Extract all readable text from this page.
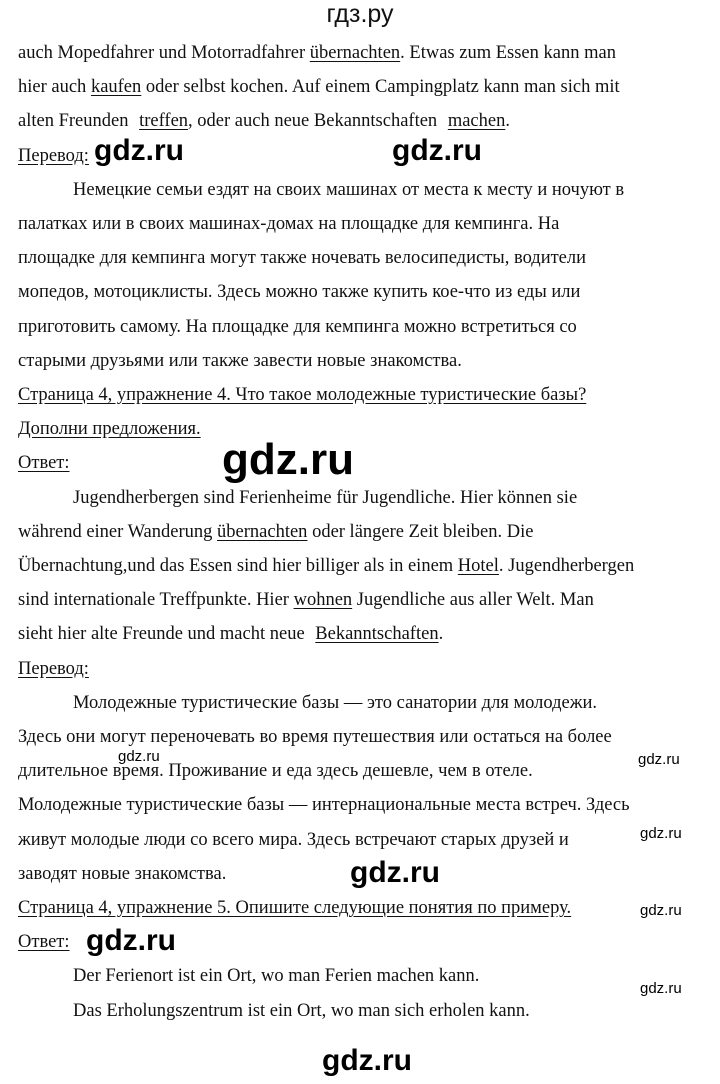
гдз.ру
auch Mopedfahrer und Motorradfahrer übernachten. Etwas zum Essen kann man
hier auch kaufen oder selbst kochen. Auf einem Campingplatz kann man sich mit
alten Freunden treffen, oder auch neue Bekanntschaften machen.
Перевод:
Немецкие семьи ездят на своих машинах от места к месту и ночуют в
палатках или в своих машинах-домах на площадке для кемпинга. На
площадке для кемпинга могут также ночевать велосипедисты, водители
мопедов, мотоциклисты. Здесь можно также купить кое-что из еды или
приготовить самому. На площадке для кемпинга можно встретиться со
старыми друзьями или также завести новые знакомства.
Страница 4, упражнение 4. Что такое молодежные туристические базы?
Дополни предложения.
Ответ:
Jugendherbergen sind Ferienheime für Jugendliche. Hier können sie
während einer Wanderung übernachten oder längere Zeit bleiben. Die
Übernachtung,und das Essen sind hier billiger als in einem Hotel. Jugendherbergen
sind internationale Treffpunkte. Hier wohnen Jugendliche aus aller Welt. Man
sieht hier alte Freunde und macht neue Bekanntschaften.
Перевод:
Молодежные туристические базы — это санатории для молодежи.
Здесь они могут переночевать во время путешествия или остаться на более
длительное время. Проживание и еда здесь дешевле, чем в отеле.
Молодежные туристические базы — интернациональные места встреч. Здесь
живут молодые люди со всего мира. Здесь встречают старых друзей и
заводят новые знакомства.
Страница 4, упражнение 5. Опишите следующие понятия по примеру.
Ответ:
Der Ferienort ist ein Ort, wo man Ferien machen kann.
Das Erholungszentrum ist ein Ort, wo man sich erholen kann.
gdz.ru	gdz.ru
gdz.ru
gdz.ru	gdz.ru
gdz.ru
gdz.ru
gdz.ru
gdz.ru
gdz.ru
gdz.ru
